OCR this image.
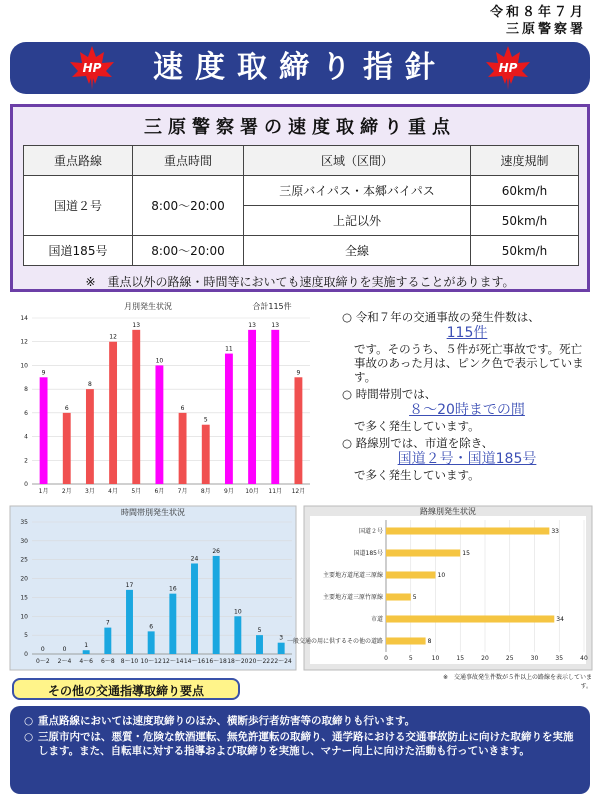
令和８年７月
三原警察署
HP	速度取締り指針	HP
三原警察署の速度取締り重点
重点路線	重点時間	区域（区間）	速度規制
国道２号	8:00～20:00	三原バイパス・本郷バイパス	60km/h
		上記以外	50km/h
国道185号	8:00～20:00	全線	50km/h
※　重点以外の路線・時間等においても速度取締りを実施することがあります。
月別発生状況	合計115件
0
2
4
6
8
10
12
14
9
1月
6
2月
8
3月
12
4月
13
5月
10
6月
6
7月
5
8月
11
9月
13
10月
13
11月
9
12月
○ 令和７年の交通事故の発生件数は、
115件
です。そのうち、５件が死亡事故です。死亡事故のあった月は、ピンク色で表示しています。
○ 時間帯別では、
８～20時までの間
で多く発生しています。
○ 路線別では、市道を除き、
国道２号・国道185号
で多く発生しています。
時間帯別発生状況
0
5
10
15
20
25
30
35
0
0～2
0
2～4
1
4～6
7
6～8
17
8～10
6
10～12
16
12～14
24
14～16
26
16～18
10
18～20
5
20～22
3
22～24
路線別発生状況
0	5	10	15	20	25	30	35	40
33
国道２号
15
国道185号
10
主要地方道尾道三原線
5
主要地方道三原竹原線
34
市道
8
一般交通の用に供するその他の道路
※　交通事故発生件数が５件以上の路線を表示しています。
その他の交通指導取締り要点
○ 重点路線においては速度取締りのほか、横断歩行者妨害等の取締りも行います。
○ 三原市内では、悪質・危険な飲酒運転、無免許運転の取締り、通学路における交通事故防止に向けた取締りを実施します。また、自転車に対する指導および取締りを実施し、マナー向上に向けた活動も行っていきます。
